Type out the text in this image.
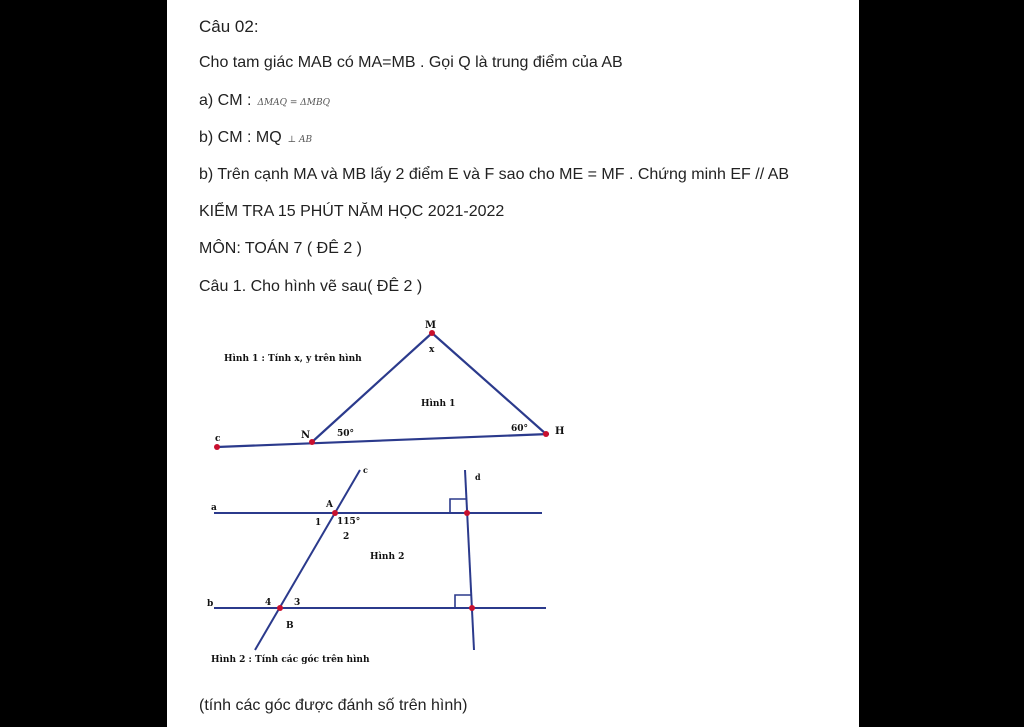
Câu 02:
Cho tam giác MAB có MA=MB . Gọi Q là trung điểm của AB
a) CM : ΔMAQ = ΔMBQ
b) CM : MQ ⊥ AB
b) Trên cạnh MA và MB lấy 2 điểm E và F sao cho ME = MF . Chứng minh EF // AB
KIỂM TRA 15 PHÚT NĂM HỌC 2021-2022
MÔN: TOÁN 7 ( ĐÊ 2 )
Câu 1. Cho hình vẽ sau( ĐÊ 2 )
(tính các góc được đánh số trên hình)
Hình 1 : Tính x, y trên hình
M
x
Hình 1
N	50°	60°	H
c
c
d
a
b
A
1 115°
2
Hình 2
4	3
B
Hình 2 : Tính các góc trên hình
